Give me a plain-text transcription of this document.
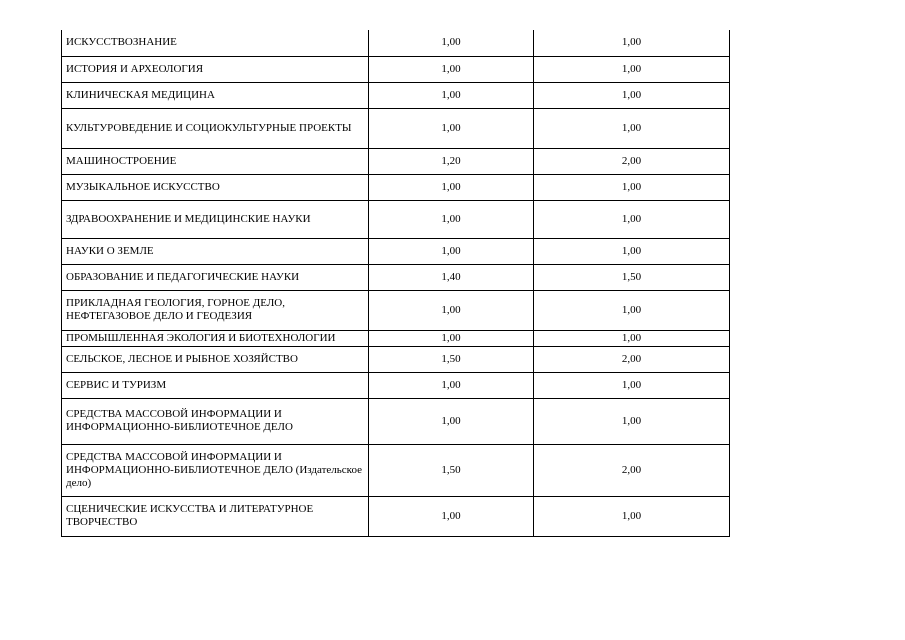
ИСКУССТВОЗНАНИЕ	1,00	1,00
ИСТОРИЯ И АРХЕОЛОГИЯ	1,00	1,00
КЛИНИЧЕСКАЯ МЕДИЦИНА	1,00	1,00
КУЛЬТУРОВЕДЕНИЕ И СОЦИОКУЛЬТУРНЫЕ ПРОЕКТЫ	1,00	1,00
МАШИНОСТРОЕНИЕ	1,20	2,00
МУЗЫКАЛЬНОЕ ИСКУССТВО	1,00	1,00
ЗДРАВООХРАНЕНИЕ И МЕДИЦИНСКИЕ НАУКИ	1,00	1,00
НАУКИ О ЗЕМЛЕ	1,00	1,00
ОБРАЗОВАНИЕ И ПЕДАГОГИЧЕСКИЕ НАУКИ	1,40	1,50
ПРИКЛАДНАЯ ГЕОЛОГИЯ, ГОРНОЕ ДЕЛО, НЕФТЕГАЗОВОЕ ДЕЛО И ГЕОДЕЗИЯ	1,00	1,00
ПРОМЫШЛЕННАЯ ЭКОЛОГИЯ И БИОТЕХНОЛОГИИ	1,00	1,00
СЕЛЬСКОЕ, ЛЕСНОЕ И РЫБНОЕ ХОЗЯЙСТВО	1,50	2,00
СЕРВИС И ТУРИЗМ	1,00	1,00
СРЕДСТВА МАССОВОЙ ИНФОРМАЦИИ И ИНФОРМАЦИОННО-БИБЛИОТЕЧНОЕ ДЕЛО	1,00	1,00
СРЕДСТВА МАССОВОЙ ИНФОРМАЦИИ И ИНФОРМАЦИОННО-БИБЛИОТЕЧНОЕ ДЕЛО (Издательское дело)	1,50	2,00
СЦЕНИЧЕСКИЕ ИСКУССТВА И ЛИТЕРАТУРНОЕ ТВОРЧЕСТВО	1,00	1,00
